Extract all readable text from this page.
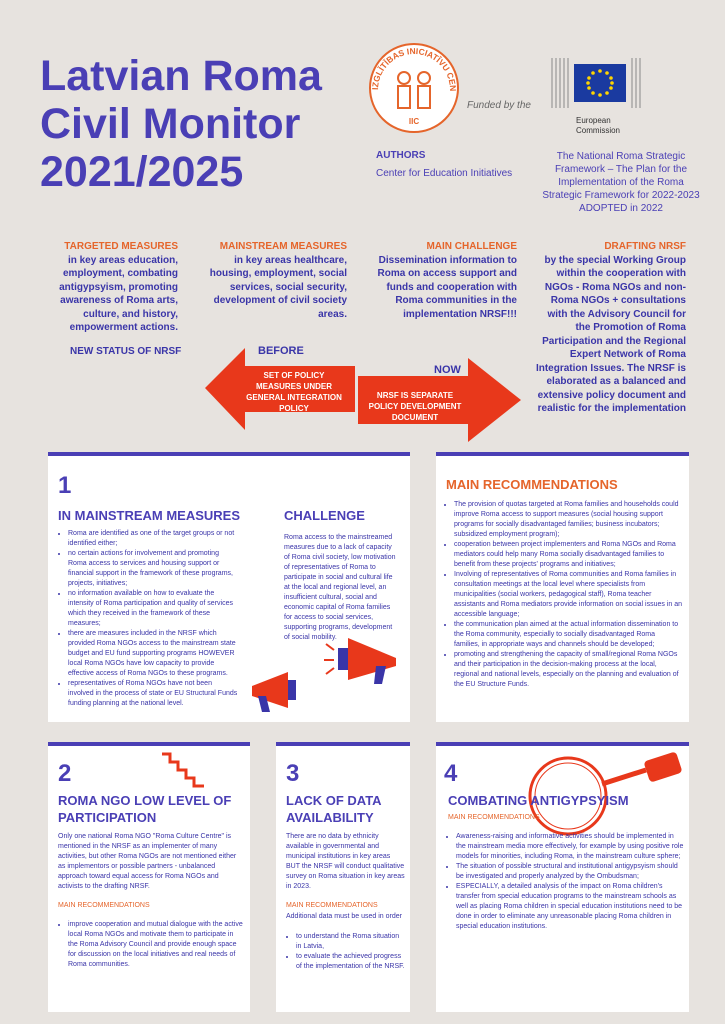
Latvian Roma Civil Monitor 2021/2025
IZGLĪTĪBAS INICIATĪVU CEN
IIC
Funded by the
European Commission
AUTHORS
Center for Education Initiatives
The National Roma Strategic Framework – The Plan for the Implementation of the Roma Strategic Framework for 2022-2023 ADOPTED in 2022
TARGETED MEASURES
in key areas education, employment, combating antigypsyism, promoting awareness of Roma arts, culture, and history, empowerment actions.
MAINSTREAM MEASURES
in key areas healthcare, housing, employment, social services, social security, development of civil society areas.
MAIN CHALLENGE
Dissemination information to Roma on access support and funds and cooperation with Roma communities in the implementation NRSF!!!
DRAFTING NRSF
by the special Working Group within the cooperation with NGOs - Roma NGOs and non-Roma NGOs + consultations with the Advisory Council for the Promotion of Roma Participation and the Regional Expert Network of Roma Integration Issues. The NRSF is elaborated as a balanced and extensive policy document and realistic for the implementation
NEW STATUS OF NRSF	BEFORE
SET OF POLICY MEASURES UNDER GENERAL INTEGRATION POLICY
NOW
NRSF IS SEPARATE POLICY DEVELOPMENT DOCUMENT
1
IN MAINSTREAM MEASURES
• Roma are identified as one of the target groups or not identified either;
• no certain actions for involvement and promoting Roma access to services and housing support or financial support in the framework of these programs, projects, initiatives;
• no information available on how to evaluate the intensity of Roma participation and quality of services which they received in the framework of these measures;
• there are measures included in the NRSF which provided Roma NGOs access to the mainstream state budget and EU fund supporting programs HOWEVER local Roma NGOs have low capacity to provide effective access of Roma NGOs to these programs.
• representatives of Roma NGOs have not been involved in the process of state or EU Structural Funds funding planning at the national level.
CHALLENGE
Roma access to the mainstreamed measures due to a lack of capacity of Roma civil society, low motivation of representatives of Roma to participate in social and cultural life at the local and regional level, an insufficient cultural, social and economic capital of Roma families for access to social services, supporting programs, development of social mobility.
MAIN RECOMMENDATIONS
• The provision of quotas targeted at Roma families and households could improve Roma access to support measures (social housing support programs for socially disadvantaged families; business incubators; subsidized employment program);
• cooperation between project implementers and Roma NGOs and Roma mediators could help many Roma socially disadvantaged families to benefit from these projects' programs and initiatives;
• Involving of representatives of Roma communities and Roma families in consultation meetings at the local level where specialists from municipalities (social workers, pedagogical staff), Roma teacher assistants and Roma mediators provide information on social issues in an accessible language;
• the communication plan aimed at the actual information dissemination to the Roma community, especially to socially disadvantaged Roma families, in appropriate ways and channels should be developed;
• promoting and strengthening the capacity of small/regional Roma NGOs and their participation in the decision-making process at the local, regional and national levels, especially on the planning and evaluation of the EU Structure Funds.
2
ROMA NGO LOW LEVEL OF PARTICIPATION
Only one national Roma NGO "Roma Culture Centre" is mentioned in the NRSF as an implementer of many activities, but other Roma NGOs are not mentioned either as implementors or possible partners - unbalanced approach toward equal access for Roma NGOs and activists to the drafting NRSF.
MAIN RECOMMENDATIONS
• improve cooperation and mutual dialogue with the active local Roma NGOs and motivate them to participate in the Roma Advisory Council and provide enough space for discussion on the local initiatives and real needs of Roma communities.
3
LACK OF DATA AVAILABILITY
There are no data by ethnicity available in governmental and municipal institutions in key areas BUT the NRSF will conduct qualitative survey on Roma situation in key areas in 2023.
MAIN RECOMMENDATIONS
Additional data must be used in order
• to understand the Roma situation in Latvia,
• to evaluate the achieved progress of the implementation of the NRSF.
4
COMBATING ANTIGYPSYISM
MAIN RECOMMENDATIONS
• Awareness-raising and informative activities should be implemented in the mainstream media more effectively, for example by using positive role models for minorities, including Roma, in the mainstream culture sphere;
• The situation of possible structural and institutional antigypsyism should be investigated and properly analyzed by the Ombudsman;
• ESPECIALLY, a detailed analysis of the impact on Roma children's transfer from special education programs to the mainstream schools as well as placing Roma children in special education institutions need to be done in order to eliminate any unreasonable placing Roma children in special education institutions.
